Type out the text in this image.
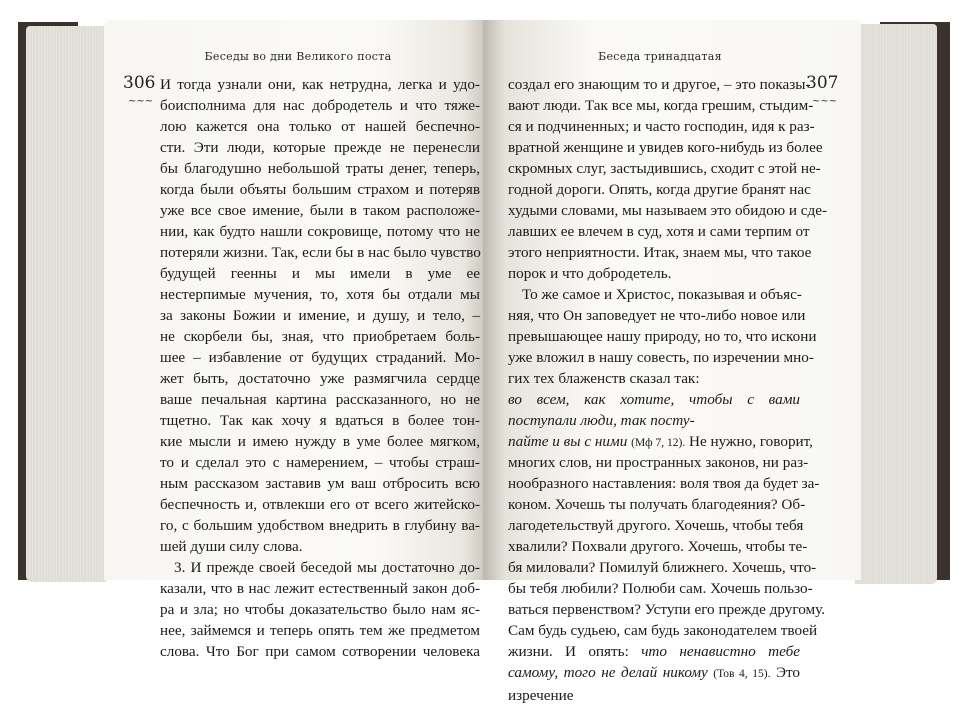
Беседы во дни Великого поста	Беседа тринадцатая
306	307
~~~	~~~
И тогда узнали они, как нетрудна, легка и удо-
боисполнима для нас добродетель и что тяже-
лою кажется она только от нашей беспечно-
сти. Эти люди, которые прежде не перенесли
бы благодушно небольшой траты денег, теперь,
когда были объяты большим страхом и потеряв
уже все свое имение, были в таком расположе-
нии, как будто нашли сокровище, потому что не
потеряли жизни. Так, если бы в нас было чувство
будущей геенны и мы имели в уме ее
нестерпимые мучения, то, хотя бы отдали мы
за законы Божии и имение, и душу, и тело, –
не скорбели бы, зная, что приобретаем боль-
шее – избавление от будущих страданий. Мо-
жет быть, достаточно уже размягчила сердце
ваше печальная картина рассказанного, но не
тщетно. Так как хочу я вдаться в более тон-
кие мысли и имею нужду в уме более мягком,
то и сделал это с намерением, – чтобы страш-
ным рассказом заставив ум ваш отбросить всю
беспечность и, отвлекши его от всего житейско-
го, с большим удобством внедрить в глубину ва-
шей души силу слова.
3. И прежде своей беседой мы достаточно до-
казали, что в нас лежит естественный закон доб-
ра и зла; но чтобы доказательство было нам яс-
нее, займемся и теперь опять тем же предметом
слова. Что Бог при самом сотворении человека
создал его знающим то и другое, – это показы-
вают люди. Так все мы, когда грешим, стыдим-
ся и подчиненных; и часто господин, идя к раз-
вратной женщине и увидев кого-нибудь из более
скромных слуг, застыдившись, сходит с этой не-
годной дороги. Опять, когда другие бранят нас
худыми словами, мы называем это обидою и сде-
лавших ее влечем в суд, хотя и сами терпим от
этого неприятности. Итак, знаем мы, что такое
порок и что добродетель.
То же самое и Христос, показывая и объяс-
няя, что Он заповедует не что-либо новое или
превышающее нашу природу, но то, что искони
уже вложил в нашу совесть, по изречении мно-
гих тех блаженств сказал так:
во всем, как хотите, чтобы с вами поступали люди, так посту-
пайте и вы с ними (Мф 7, 12). Не нужно, говорит,
многих слов, ни пространных законов, ни раз-
нообразного наставления: воля твоя да будет за-
коном. Хочешь ты получать благодеяния? Об-
лагодетельствуй другого. Хочешь, чтобы тебя
хвалили? Похвали другого. Хочешь, чтобы те-
бя миловали? Помилуй ближнего. Хочешь, что-
бы тебя любили? Полюби сам. Хочешь пользо-
ваться первенством? Уступи его прежде другому.
Сам будь судьею, сам будь законодателем твоей
жизни. И опять: что ненавистно тебе самому, того не делай никому (Тов 4, 15). Это изречение
